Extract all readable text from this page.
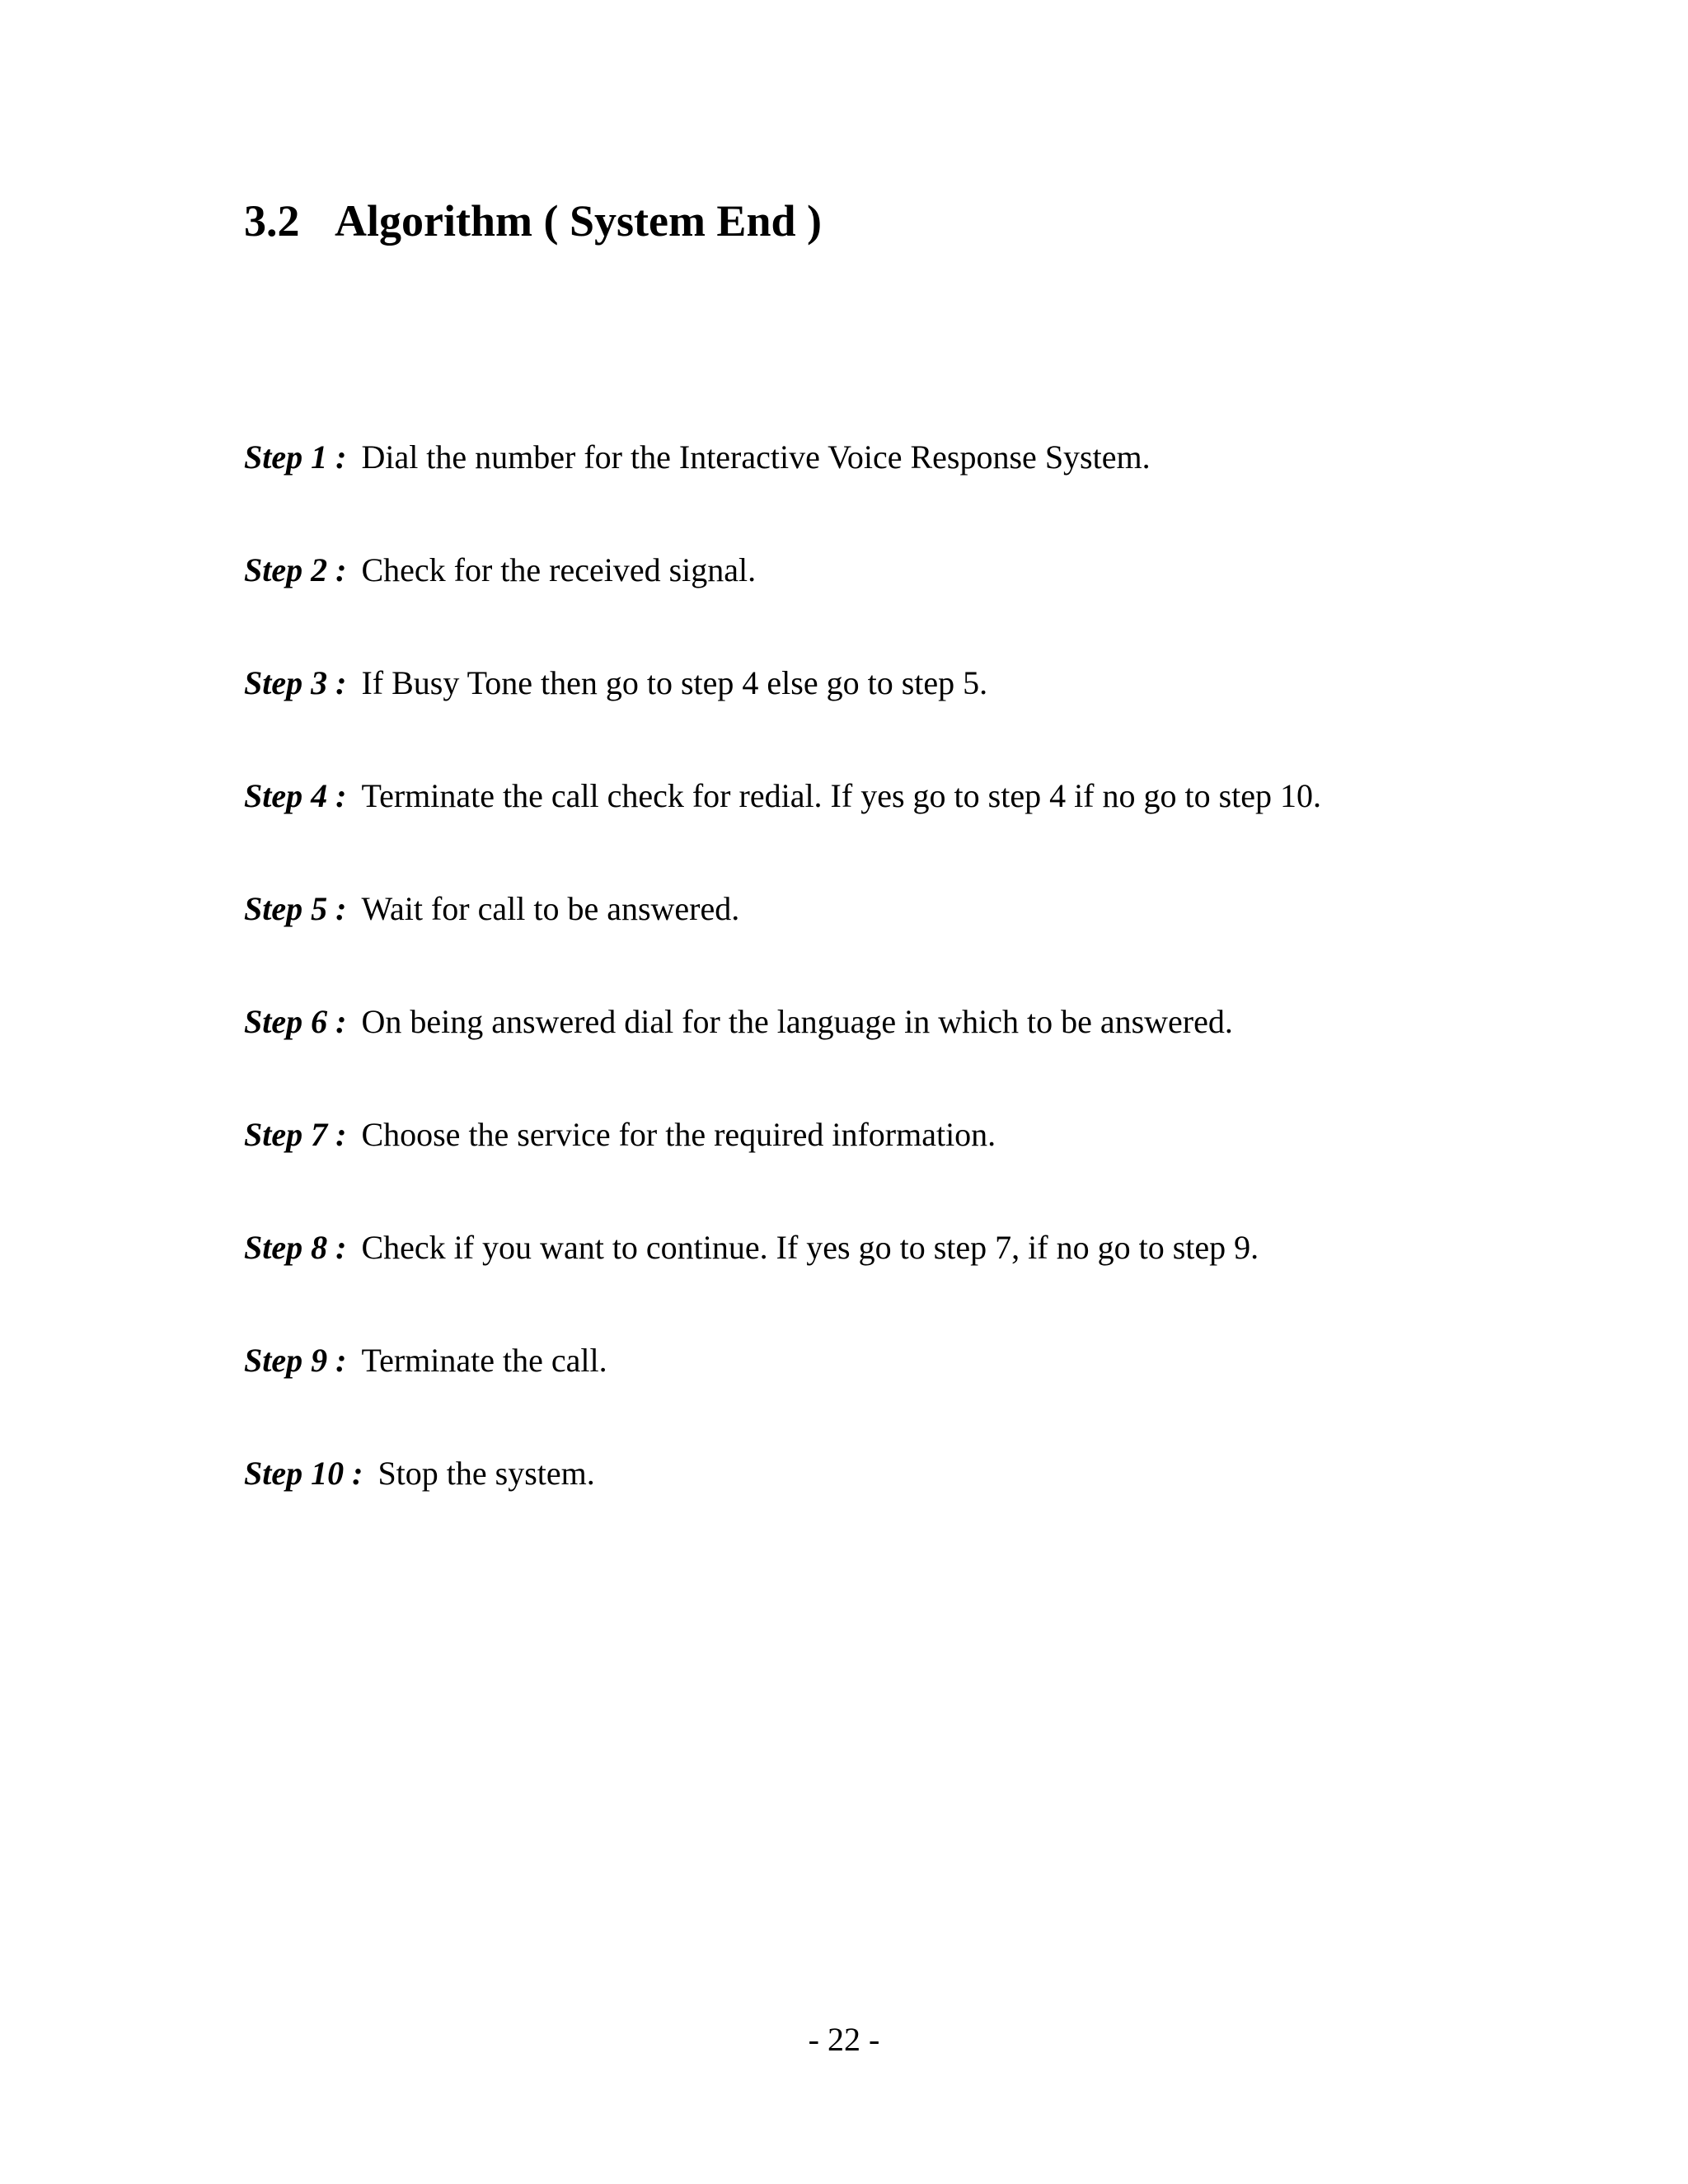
3.2 Algorithm ( System End )
Step 1 : Dial the number for the Interactive Voice Response System.
Step 2 : Check for the received signal.
Step 3 : If Busy Tone then go to step 4 else go to step 5.
Step 4 : Terminate the call check for redial. If yes go to step 4 if no go to step 10.
Step 5 : Wait for call to be answered.
Step 6 : On being answered dial for the language in which to be answered.
Step 7 : Choose the service for the required information.
Step 8 : Check if you want to continue. If yes go to step 7, if no go to step 9.
Step 9 : Terminate the call.
Step 10 : Stop the system.
- 22 -
